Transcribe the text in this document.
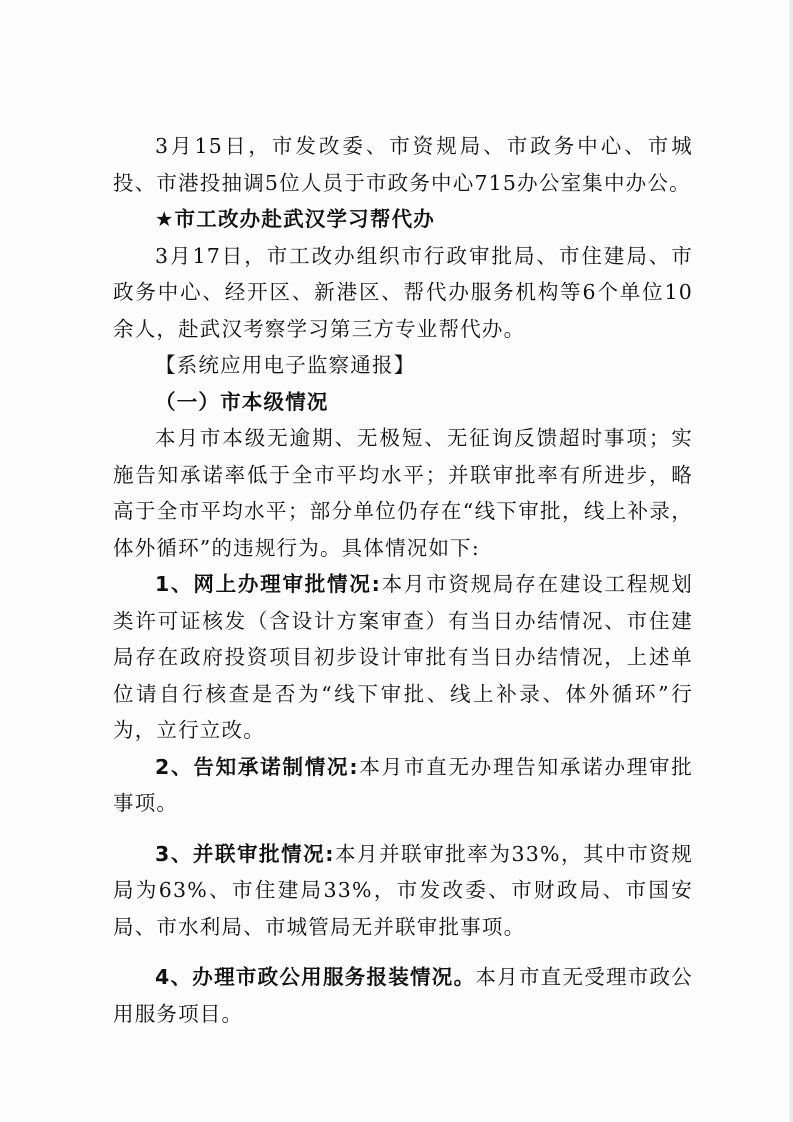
3月15日，市发改委、市资规局、市政务中心、市城投、市港投抽调5位人员于市政务中心715办公室集中办公。

★市工改办赴武汉学习帮代办

3月17日，市工改办组织市行政审批局、市住建局、市政务中心、经开区、新港区、帮代办服务机构等6个单位10余人，赴武汉考察学习第三方专业帮代办。

【系统应用电子监察通报】

（一）市本级情况

本月市本级无逾期、无极短、无征询反馈超时事项；实施告知承诺率低于全市平均水平；并联审批率有所进步，略高于全市平均水平；部分单位仍存在“线下审批，线上补录，体外循环”的违规行为。具体情况如下:

1、网上办理审批情况:本月市资规局存在建设工程规划类许可证核发（含设计方案审查）有当日办结情况、市住建局存在政府投资项目初步设计审批有当日办结情况，上述单位请自行核查是否为“线下审批、线上补录、体外循环”行为，立行立改。

2、告知承诺制情况:本月市直无办理告知承诺办理审批事项。

3、并联审批情况:本月并联审批率为33%，其中市资规局为63%、市住建局33%，市发改委、市财政局、市国安局、市水利局、市城管局无并联审批事项。

4、办理市政公用服务报装情况。本月市直无受理市政公用服务项目。
